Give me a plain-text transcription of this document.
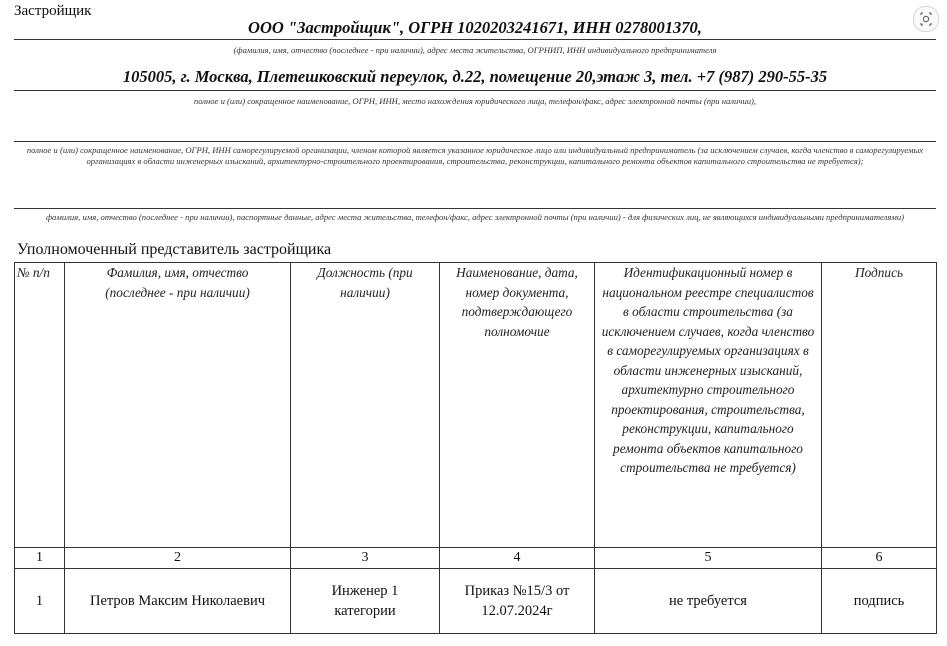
Застройщик
ООО "Застройщик", ОГРН 1020203241671, ИНН 0278001370,
(фамилия, имя, отчество (последнее - при наличии), адрес места жительства, ОГРНИП, ИНН индивидуального предпринимателя
105005, г. Москва, Плетешковский переулок, д.22, помещение 20,этаж 3, тел. +7 (987) 290-55-35
полное и (или) сокращенное наименование, ОГРН, ИНН, место нахождения юридического лица, телефон/факс, адрес электронной почты (при наличии),
полное и (или) сокращенное наименование, ОГРН, ИНН саморегулируемой организации, членом которой является указанное юридическое лицо или индивидуальный предприниматель (за исключением случаев, когда членство в саморегулируемых организациях в области инженерных изысканий, архитектурно-строительного проектирования, строительства, реконструкции, капитального ремонта объектов капитального строительства не требуется);
фамилия, имя, отчество (последнее - при наличии), паспортные данные, адрес места жительства, телефон/факс, адрес электронной почты (при наличии) - для физических лиц, не являющихся индивидуальными предпринимателями)
Уполномоченный представитель застройщика
№ п/п	Фамилия, имя, отчество (последнее - при наличии)	Должность (при наличии)	Наименование, дата, номер документа, подтверждающего полномочие	Идентификационный номер в национальном реестре специалистов в области строительства (за исключением случаев, когда членство в саморегулируемых организациях в области инженерных изысканий, архитектурно строительного проектирования, строительства, реконструкции, капитального ремонта объектов капитального строительства не требуется)	Подпись
1	2	3	4	5	6
1	Петров Максим Николаевич	Инженер 1 категории	Приказ №15/3 от 12.07.2024г	не требуется	подпись
